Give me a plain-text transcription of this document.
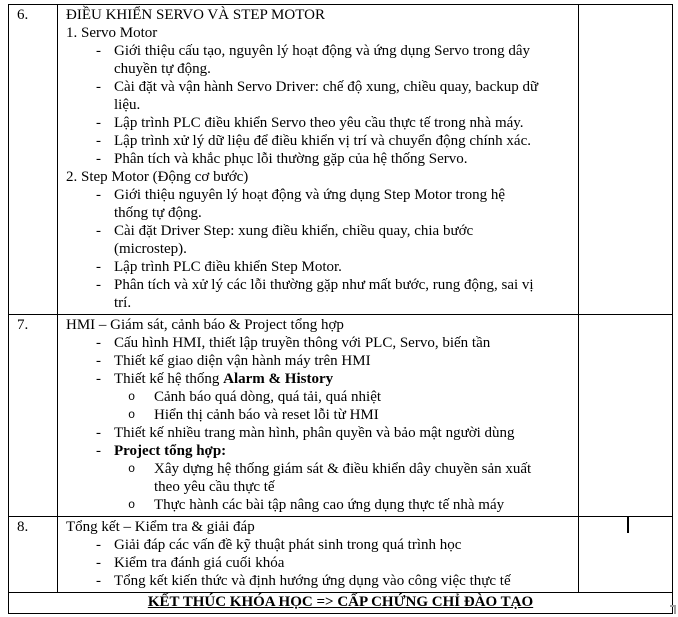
6.	ĐIỀU KHIỂN SERVO VÀ STEP MOTOR
1. Servo Motor
- Giới thiệu cấu tạo, nguyên lý hoạt động và ứng dụng Servo trong dây
chuyền tự động.
- Cài đặt và vận hành Servo Driver: chế độ xung, chiều quay, backup dữ
liệu.
- Lập trình PLC điều khiển Servo theo yêu cầu thực tế trong nhà máy.
- Lập trình xử lý dữ liệu để điều khiển vị trí và chuyển động chính xác.
- Phân tích và khắc phục lỗi thường gặp của hệ thống Servo.
2. Step Motor (Động cơ bước)
- Giới thiệu nguyên lý hoạt động và ứng dụng Step Motor trong hệ
thống tự động.
- Cài đặt Driver Step: xung điều khiển, chiều quay, chia bước
(microstep).
- Lập trình PLC điều khiển Step Motor.
- Phân tích và xử lý các lỗi thường gặp như mất bước, rung động, sai vị
trí.
7.	HMI – Giám sát, cảnh báo & Project tổng hợp
- Cấu hình HMI, thiết lập truyền thông với PLC, Servo, biến tần
- Thiết kế giao diện vận hành máy trên HMI
- Thiết kế hệ thống Alarm & History
o Cảnh báo quá dòng, quá tải, quá nhiệt
o Hiển thị cảnh báo và reset lỗi từ HMI
- Thiết kế nhiều trang màn hình, phân quyền và bảo mật người dùng
- Project tổng hợp:
o Xây dựng hệ thống giám sát & điều khiển dây chuyền sản xuất
theo yêu cầu thực tế
o Thực hành các bài tập nâng cao ứng dụng thực tế nhà máy
8.	Tổng kết – Kiểm tra & giải đáp
- Giải đáp các vấn đề kỹ thuật phát sinh trong quá trình học
- Kiểm tra đánh giá cuối khóa
- Tổng kết kiến thức và định hướng ứng dụng vào công việc thực tế
KẾT THÚC KHÓA HỌC => CẤP CHỨNG CHỈ ĐÀO TẠO
